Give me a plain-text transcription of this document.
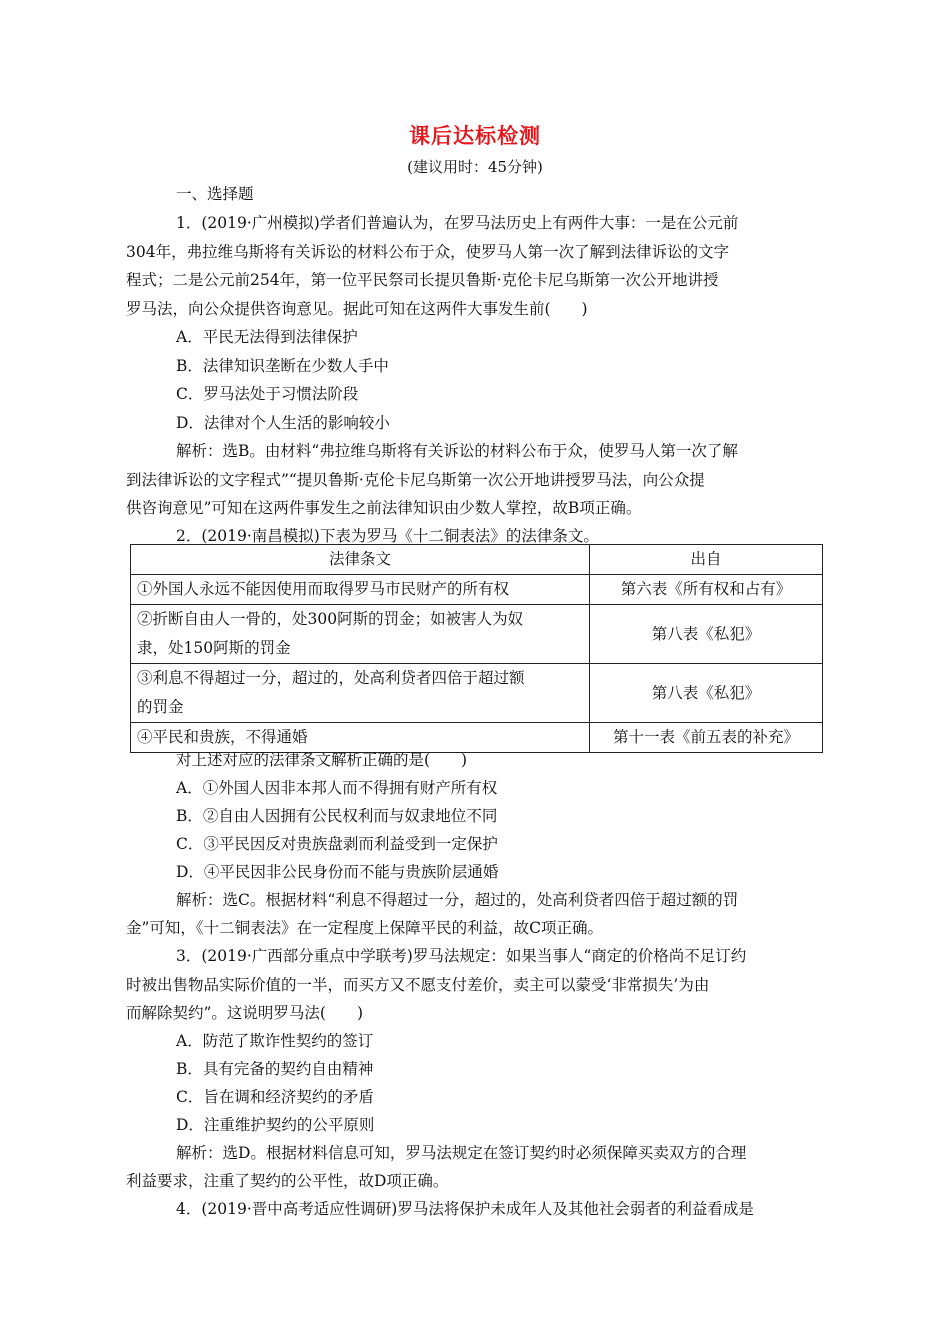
课后达标检测
(建议用时：45分钟)
一、选择题
1．(2019·广州模拟)学者们普遍认为，在罗马法历史上有两件大事：一是在公元前
304年，弗拉维乌斯将有关诉讼的材料公布于众，使罗马人第一次了解到法律诉讼的文字
程式；二是公元前254年，第一位平民祭司长提贝鲁斯·克伦卡尼乌斯第一次公开地讲授
罗马法，向公众提供咨询意见。据此可知在这两件大事发生前(　　)
A．平民无法得到法律保护
B．法律知识垄断在少数人手中
C．罗马法处于习惯法阶段
D．法律对个人生活的影响较小
解析：选B。由材料“弗拉维乌斯将有关诉讼的材料公布于众，使罗马人第一次了解
到法律诉讼的文字程式”“提贝鲁斯·克伦卡尼乌斯第一次公开地讲授罗马法，向公众提
供咨询意见”可知在这两件事发生之前法律知识由少数人掌控，故B项正确。
2．(2019·南昌模拟)下表为罗马《十二铜表法》的法律条文。
法律条文	出自

①外国人永远不能因使用而取得罗马市民财产的所有权	第六表《所有权和占有》

②折断自由人一骨的，处300阿斯的罚金；如被害人为奴
隶，处150阿斯的罚金	第八表《私犯》

③利息不得超过一分，超过的，处高利贷者四倍于超过额
的罚金	第八表《私犯》

④平民和贵族，不得通婚	第十一表《前五表的补充》
对上述对应的法律条文解析正确的是(　　)
A．①外国人因非本邦人而不得拥有财产所有权
B．②自由人因拥有公民权利而与奴隶地位不同
C．③平民因反对贵族盘剥而利益受到一定保护
D．④平民因非公民身份而不能与贵族阶层通婚
解析：选C。根据材料“利息不得超过一分，超过的，处高利贷者四倍于超过额的罚
金”可知，《十二铜表法》在一定程度上保障平民的利益，故C项正确。
3．(2019·广西部分重点中学联考)罗马法规定：如果当事人“商定的价格尚不足订约
时被出售物品实际价值的一半，而买方又不愿支付差价，卖主可以蒙受‘非常损失’为由
而解除契约”。这说明罗马法(　　)
A．防范了欺诈性契约的签订
B．具有完备的契约自由精神
C．旨在调和经济契约的矛盾
D．注重维护契约的公平原则
解析：选D。根据材料信息可知，罗马法规定在签订契约时必须保障买卖双方的合理
利益要求，注重了契约的公平性，故D项正确。
4．(2019·晋中高考适应性调研)罗马法将保护未成年人及其他社会弱者的利益看成是
